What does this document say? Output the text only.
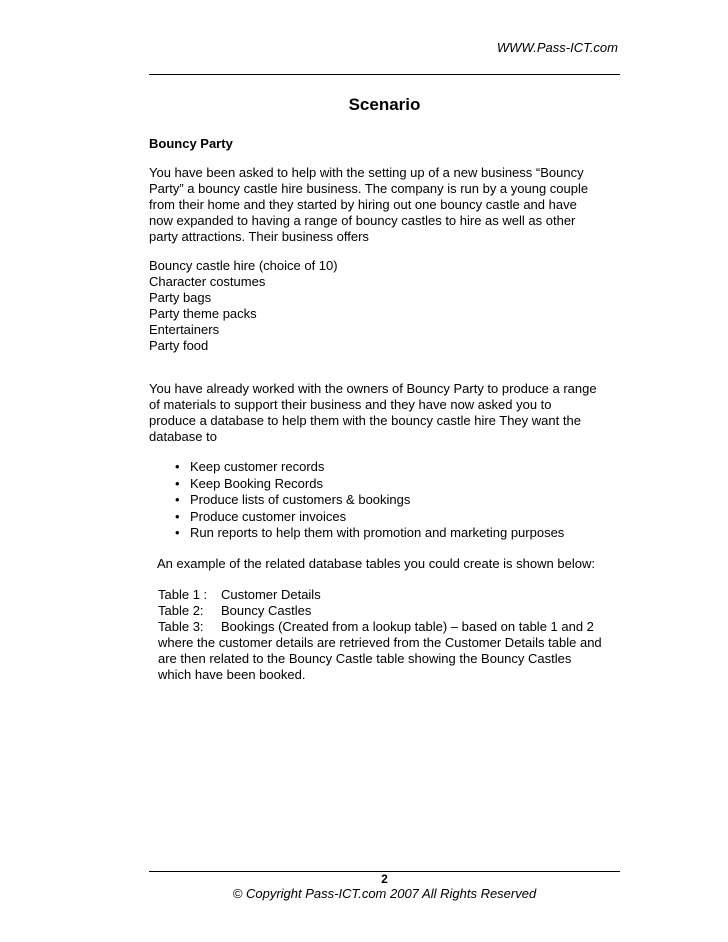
WWW.Pass-ICT.com
Scenario
Bouncy Party
You have been asked to help with the setting up of a new business “Bouncy
Party” a bouncy castle hire business. The company is run by a young couple
from their home and they started by hiring out one bouncy castle and have
now expanded to having a range of bouncy castles to hire as well as other
party attractions. Their business offers
Bouncy castle hire (choice of 10)
Character costumes
Party bags
Party theme packs
Entertainers
Party food
You have already worked with the owners of Bouncy Party to produce a range
of materials to support their business and they have now asked you to
produce a database to help them with the bouncy castle hire They want the
database to
• Keep customer records
• Keep Booking Records
• Produce lists of customers & bookings
• Produce customer invoices
• Run reports to help them with promotion and marketing purposes
An example of the related database tables you could create is shown below:
Table 1 : Customer Details
Table 2: Bouncy Castles
Table 3: Bookings (Created from a lookup table) – based on table 1 and 2
where the customer details are retrieved from the Customer Details table and
are then related to the Bouncy Castle table showing the Bouncy Castles
which have been booked.
2
© Copyright Pass-ICT.com 2007 All Rights Reserved
